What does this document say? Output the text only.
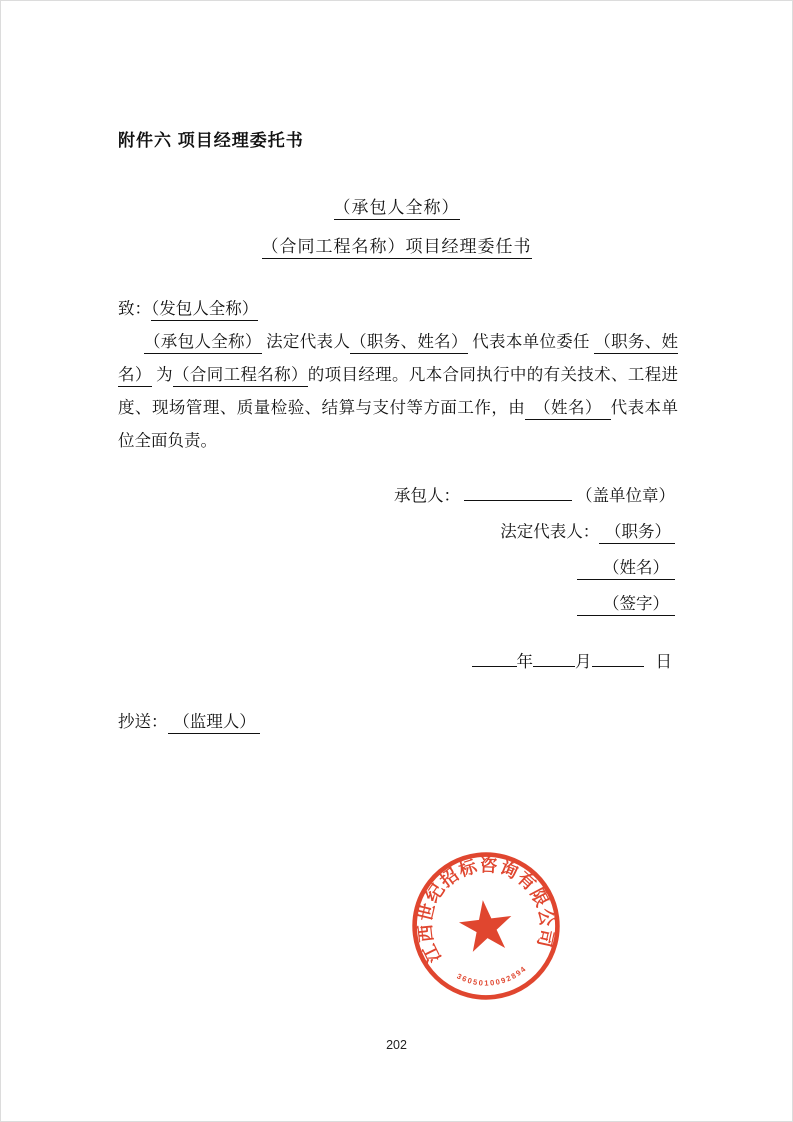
附件六 项目经理委托书
（承包人全称）
（合同工程名称）项目经理委任书
致：（发包人全称）

（承包人全称） 法定代表人（职务、姓名） 代表本单位委任 （职务、姓名） 为（合同工程名称）的项目经理。凡本合同执行中的有关技术、工程进度、现场管理、质量检验、结算与支付等方面工作，由　（姓名）　代表本单位全面负责。

承包人：	（盖单位章）
法定代表人： （职务）
（姓名）
（签字）
年	月	日
抄送： （监理人）
江西世纪招标咨询有限公司
3605010092894
202
